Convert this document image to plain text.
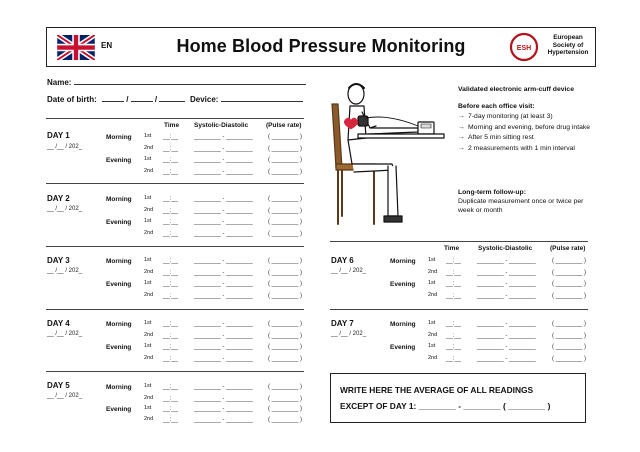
EN	Home Blood Pressure Monitoring	ESH
European
Society of
Hypertension
Name:
Date of birth:	/	/	Device:
Time Systolic-Diastolic	(Pulse rate)
DAY 1
__ /__ / 202_
Morning 1st __:__	________ - ________	( ________ )
2nd __:__	________ - ________	( ________ )
Evening 1st __:__	________ - ________	( ________ )
2nd __:__	________ - ________	( ________ )
DAY 2
__ /__ / 202_
Morning 1st __:__	________ - ________	( ________ )
2nd __:__	________ - ________	( ________ )
Evening 1st __:__	________ - ________	( ________ )
2nd __:__	________ - ________	( ________ )
DAY 3
__ /__ / 202_
Morning 1st __:__	________ - ________	( ________ )
2nd __:__	________ - ________	( ________ )
Evening 1st __:__	________ - ________	( ________ )
2nd __:__	________ - ________	( ________ )
DAY 4
__ /__ / 202_
Morning 1st __:__	________ - ________	( ________ )
2nd __:__	________ - ________	( ________ )
Evening 1st __:__	________ - ________	( ________ )
2nd __:__	________ - ________	( ________ )
DAY 5
__ /__ / 202_
Morning 1st __:__	________ - ________	( ________ )
2nd __:__	________ - ________	( ________ )
Evening 1st __:__	________ - ________	( ________ )
2nd __:__	________ - ________	( ________ )
Validated electronic arm-cuff device
Before each office visit:
→ 7-day monitoring (at least 3)
→ Morning and evening, before drug intake
→ After 5 min sitting rest
→ 2 measurements with 1 min interval
Long-term follow-up:
Duplicate measurement once or twice per week or month
Time	Systolic-Diastolic	(Pulse rate)
DAY 6
__ /__ / 202_
Morning 1st __:__	________ - ________	( ________ )
2nd __:__	________ - ________	( ________ )
Evening 1st __:__	________ - ________	( ________ )
2nd __:__	________ - ________	( ________ )
DAY 7
__ /__ / 202_
Morning 1st __:__	________ - ________	( ________ )
2nd __:__	________ - ________	( ________ )
Evening 1st __:__	________ - ________	( ________ )
2nd __:__	________ - ________	( ________ )
WRITE HERE THE AVERAGE OF ALL READINGS
EXCEPT OF DAY 1: ________ - ________ ( ________ )
